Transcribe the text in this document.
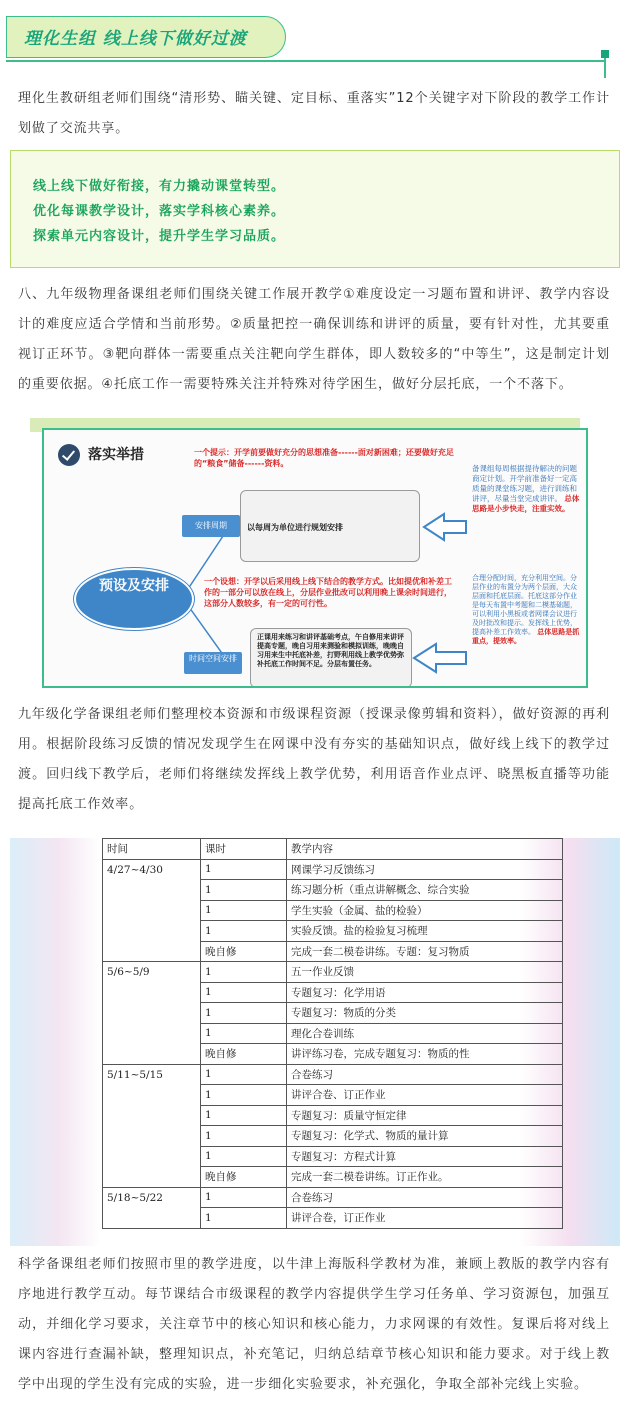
理化生组 线上线下做好过渡

理化生教研组老师们围绕“清形势、瞄关键、定目标、重落实”12个关键字对下阶段的教学工作计划做了交流共享。

线上线下做好衔接，有力撬动课堂转型。
优化每课教学设计，落实学科核心素养。
探索单元内容设计，提升学生学习品质。

八、九年级物理备课组老师们围绕关键工作展开教学①难度设定一习题布置和讲评、教学内容设计的难度应适合学情和当前形势。②质量把控一确保训练和讲评的质量，要有针对性，尤其要重视订正环节。③靶向群体一需要重点关注靶向学生群体，即人数较多的“中等生”，这是制定计划的重要依据。④托底工作一需要特殊关注并特殊对待学困生，做好分层托底，一个不落下。

落实举措	一个提示：开学前要做好充分的思想准备------面对新困难；还要做好充足的“粮食”储备------资料。
预设及安排
安排周期	以每周为单位进行规划安排
一个设想：开学以后采用线上线下结合的教学方式。比如提优和补差工作的一部分可以放在线上，分层作业批改可以利用晚上课余时间进行，这部分人数较多，有一定的可行性。
时间空间安排
正课用来练习和讲评基础考点，午自修用来讲评提高专题，晚自习用来测验和模拟训练，晚晚自习用来生中托底补差，打野利用线上教学优势弥补托底工作时间不足。分层布置任务。
备课组每周根据提待解决的问题商定计划。开学前准备好一定高质量的课堂练习题，进行训练和讲评，尽量当堂完成讲评。 总体思路是小步快走，注重实效。
合理分配时间，充分利用空间。分层作业的布置分为两个层面，大众层面和托底层面。托底这部分作业是每天布置中考题和二模基础题，可以利用小黑板或者网课会议进行及时批改和提示。发挥线上优势，提高补差工作效率。 总体思路是抓重点，提效率。

九年级化学备课组老师们整理校本资源和市级课程资源（授课录像剪辑和资料），做好资源的再利用。根据阶段练习反馈的情况发现学生在网课中没有夯实的基础知识点，做好线上线下的教学过渡。回归线下教学后，老师们将继续发挥线上教学优势，利用语音作业点评、晓黑板直播等功能提高托底工作效率。

时间	课时	教学内容
4/27~4/30	1	网课学习反馈练习
	1	练习题分析（重点讲解概念、综合实验
	1	学生实验（金属、盐的检验）
	1	实验反馈。盐的检验复习梳理
	晚自修	完成一套二模卷讲练。专题：复习物质
5/6~5/9	1	五一作业反馈
	1	专题复习：化学用语
	1	专题复习：物质的分类
	1	理化合卷训练
	晚自修	讲评练习卷，完成专题复习：物质的性
5/11~5/15	1	合卷练习
	1	讲评合卷、订正作业
	1	专题复习：质量守恒定律
	1	专题复习：化学式、物质的量计算
	1	专题复习：方程式计算
	晚自修	完成一套二模卷讲练。订正作业。
5/18~5/22	1	合卷练习
	1	讲评合卷，订正作业

科学备课组老师们按照市里的教学进度，以牛津上海版科学教材为准，兼顾上教版的教学内容有序地进行教学互动。每节课结合市级课程的教学内容提供学生学习任务单、学习资源包，加强互动，并细化学习要求，关注章节中的核心知识和核心能力，力求网课的有效性。复课后将对线上课内容进行查漏补缺，整理知识点，补充笔记，归纳总结章节核心知识和能力要求。对于线上教学中出现的学生没有完成的实验，进一步细化实验要求，补充强化，争取全部补完线上实验。
